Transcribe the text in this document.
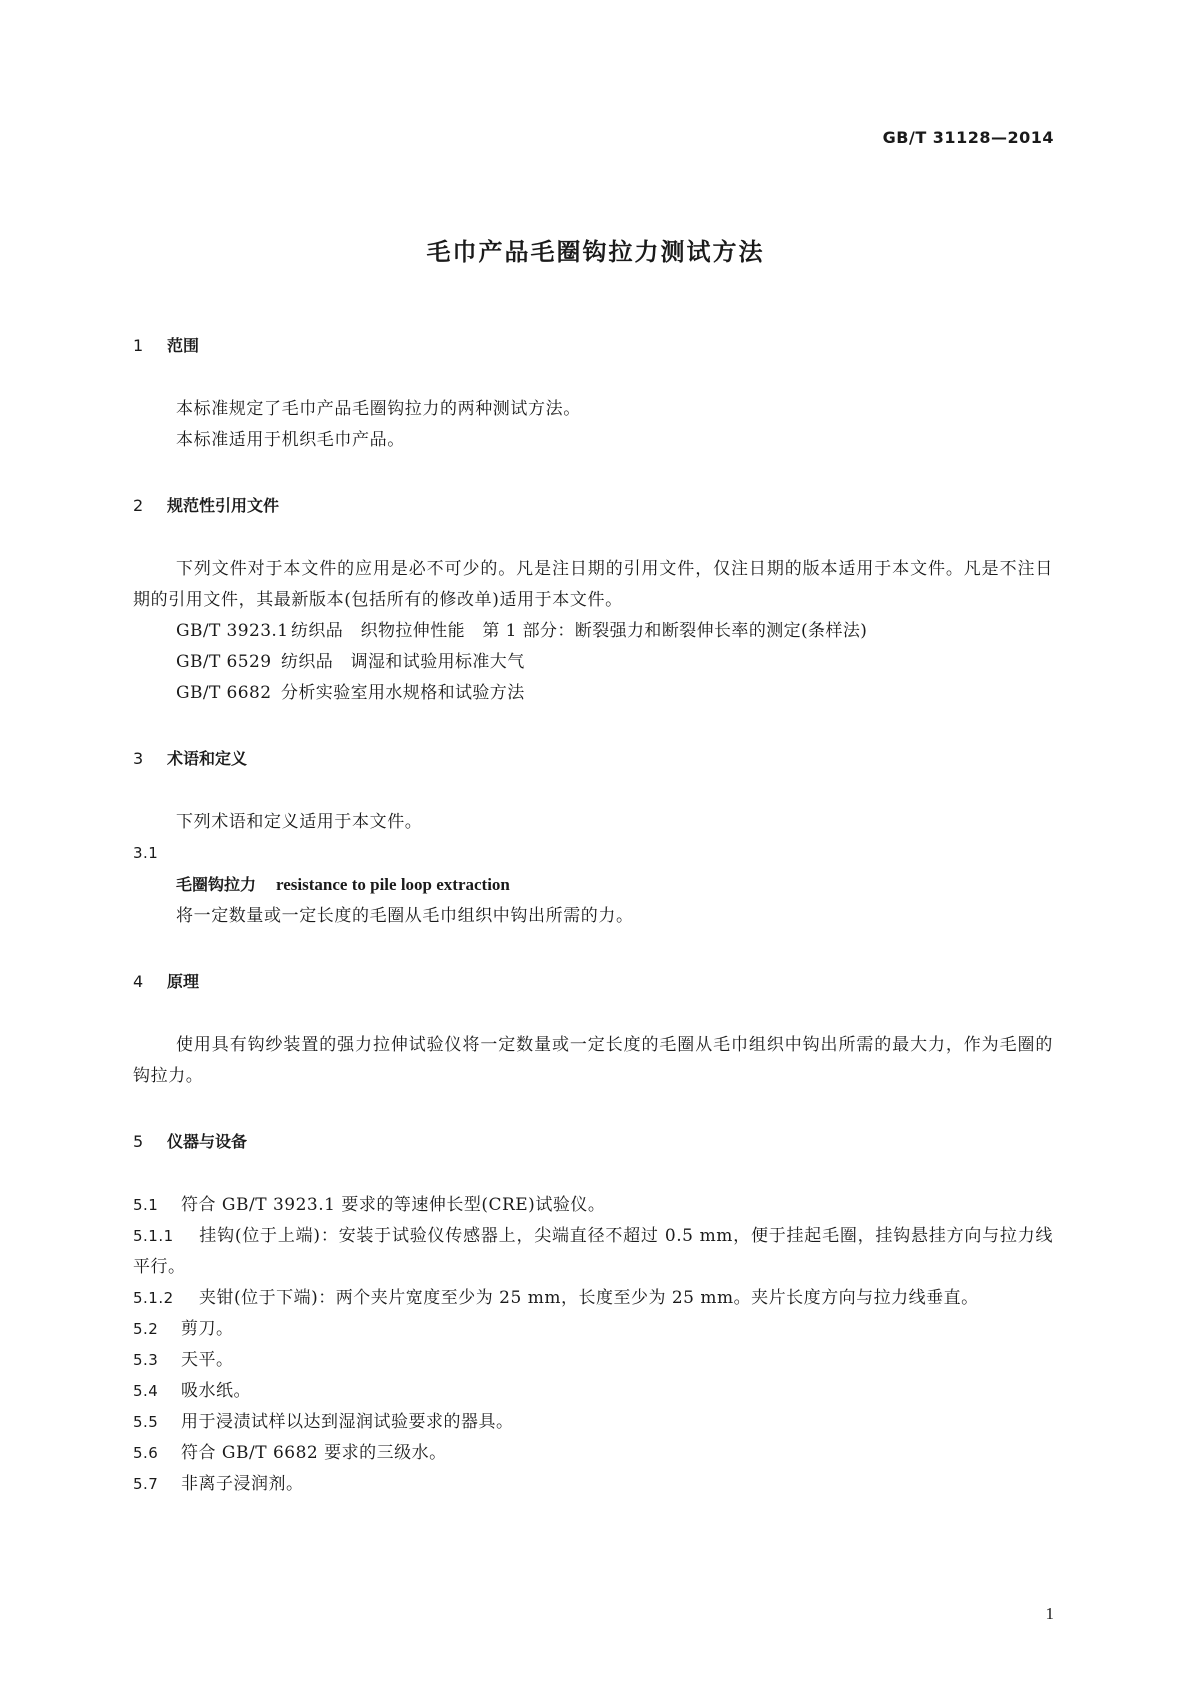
GB/T 31128—2014
毛巾产品毛圈钩拉力测试方法
1 范围
本标准规定了毛巾产品毛圈钩拉力的两种测试方法。
本标准适用于机织毛巾产品。
2 规范性引用文件
下列文件对于本文件的应用是必不可少的。凡是注日期的引用文件，仅注日期的版本适用于本文件。凡是不注日期的引用文件，其最新版本(包括所有的修改单)适用于本文件。
GB/T 3923.1 纺织品　织物拉伸性能　第 1 部分：断裂强力和断裂伸长率的测定(条样法)
GB/T 6529 纺织品　调湿和试验用标准大气
GB/T 6682 分析实验室用水规格和试验方法
3 术语和定义
下列术语和定义适用于本文件。
3.1
毛圈钩拉力 resistance to pile loop extraction
将一定数量或一定长度的毛圈从毛巾组织中钩出所需的力。
4 原理
使用具有钩纱装置的强力拉伸试验仪将一定数量或一定长度的毛圈从毛巾组织中钩出所需的最大力，作为毛圈的钩拉力。
5 仪器与设备
5.1 符合 GB/T 3923.1 要求的等速伸长型(CRE)试验仪。
5.1.1 挂钩(位于上端)：安装于试验仪传感器上，尖端直径不超过 0.5 mm，便于挂起毛圈，挂钩悬挂方向与拉力线平行。
5.1.2 夹钳(位于下端)：两个夹片宽度至少为 25 mm，长度至少为 25 mm。夹片长度方向与拉力线垂直。
5.2 剪刀。
5.3 天平。
5.4 吸水纸。
5.5 用于浸渍试样以达到湿润试验要求的器具。
5.6 符合 GB/T 6682 要求的三级水。
5.7 非离子浸润剂。
1
